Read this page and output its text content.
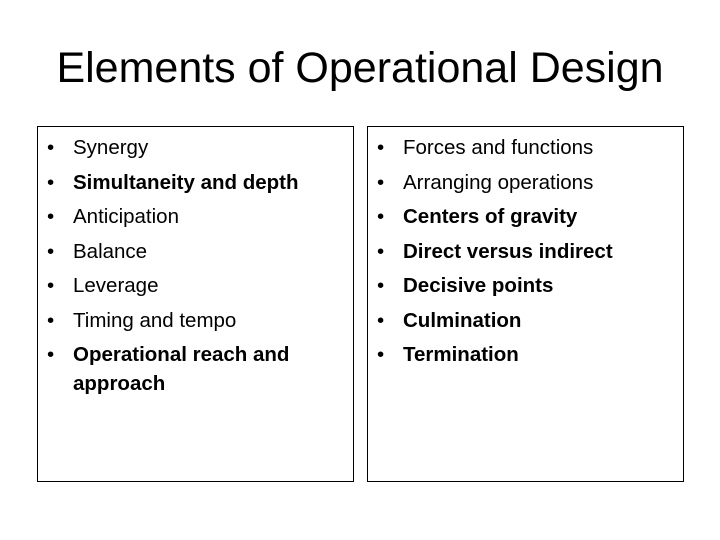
Elements of Operational Design
• Synergy
• Simultaneity and depth
• Anticipation
• Balance
• Leverage
• Timing and tempo
• Operational reach and approach
• Forces and functions
• Arranging operations
• Centers of gravity
• Direct versus indirect
• Decisive points
• Culmination
• Termination
